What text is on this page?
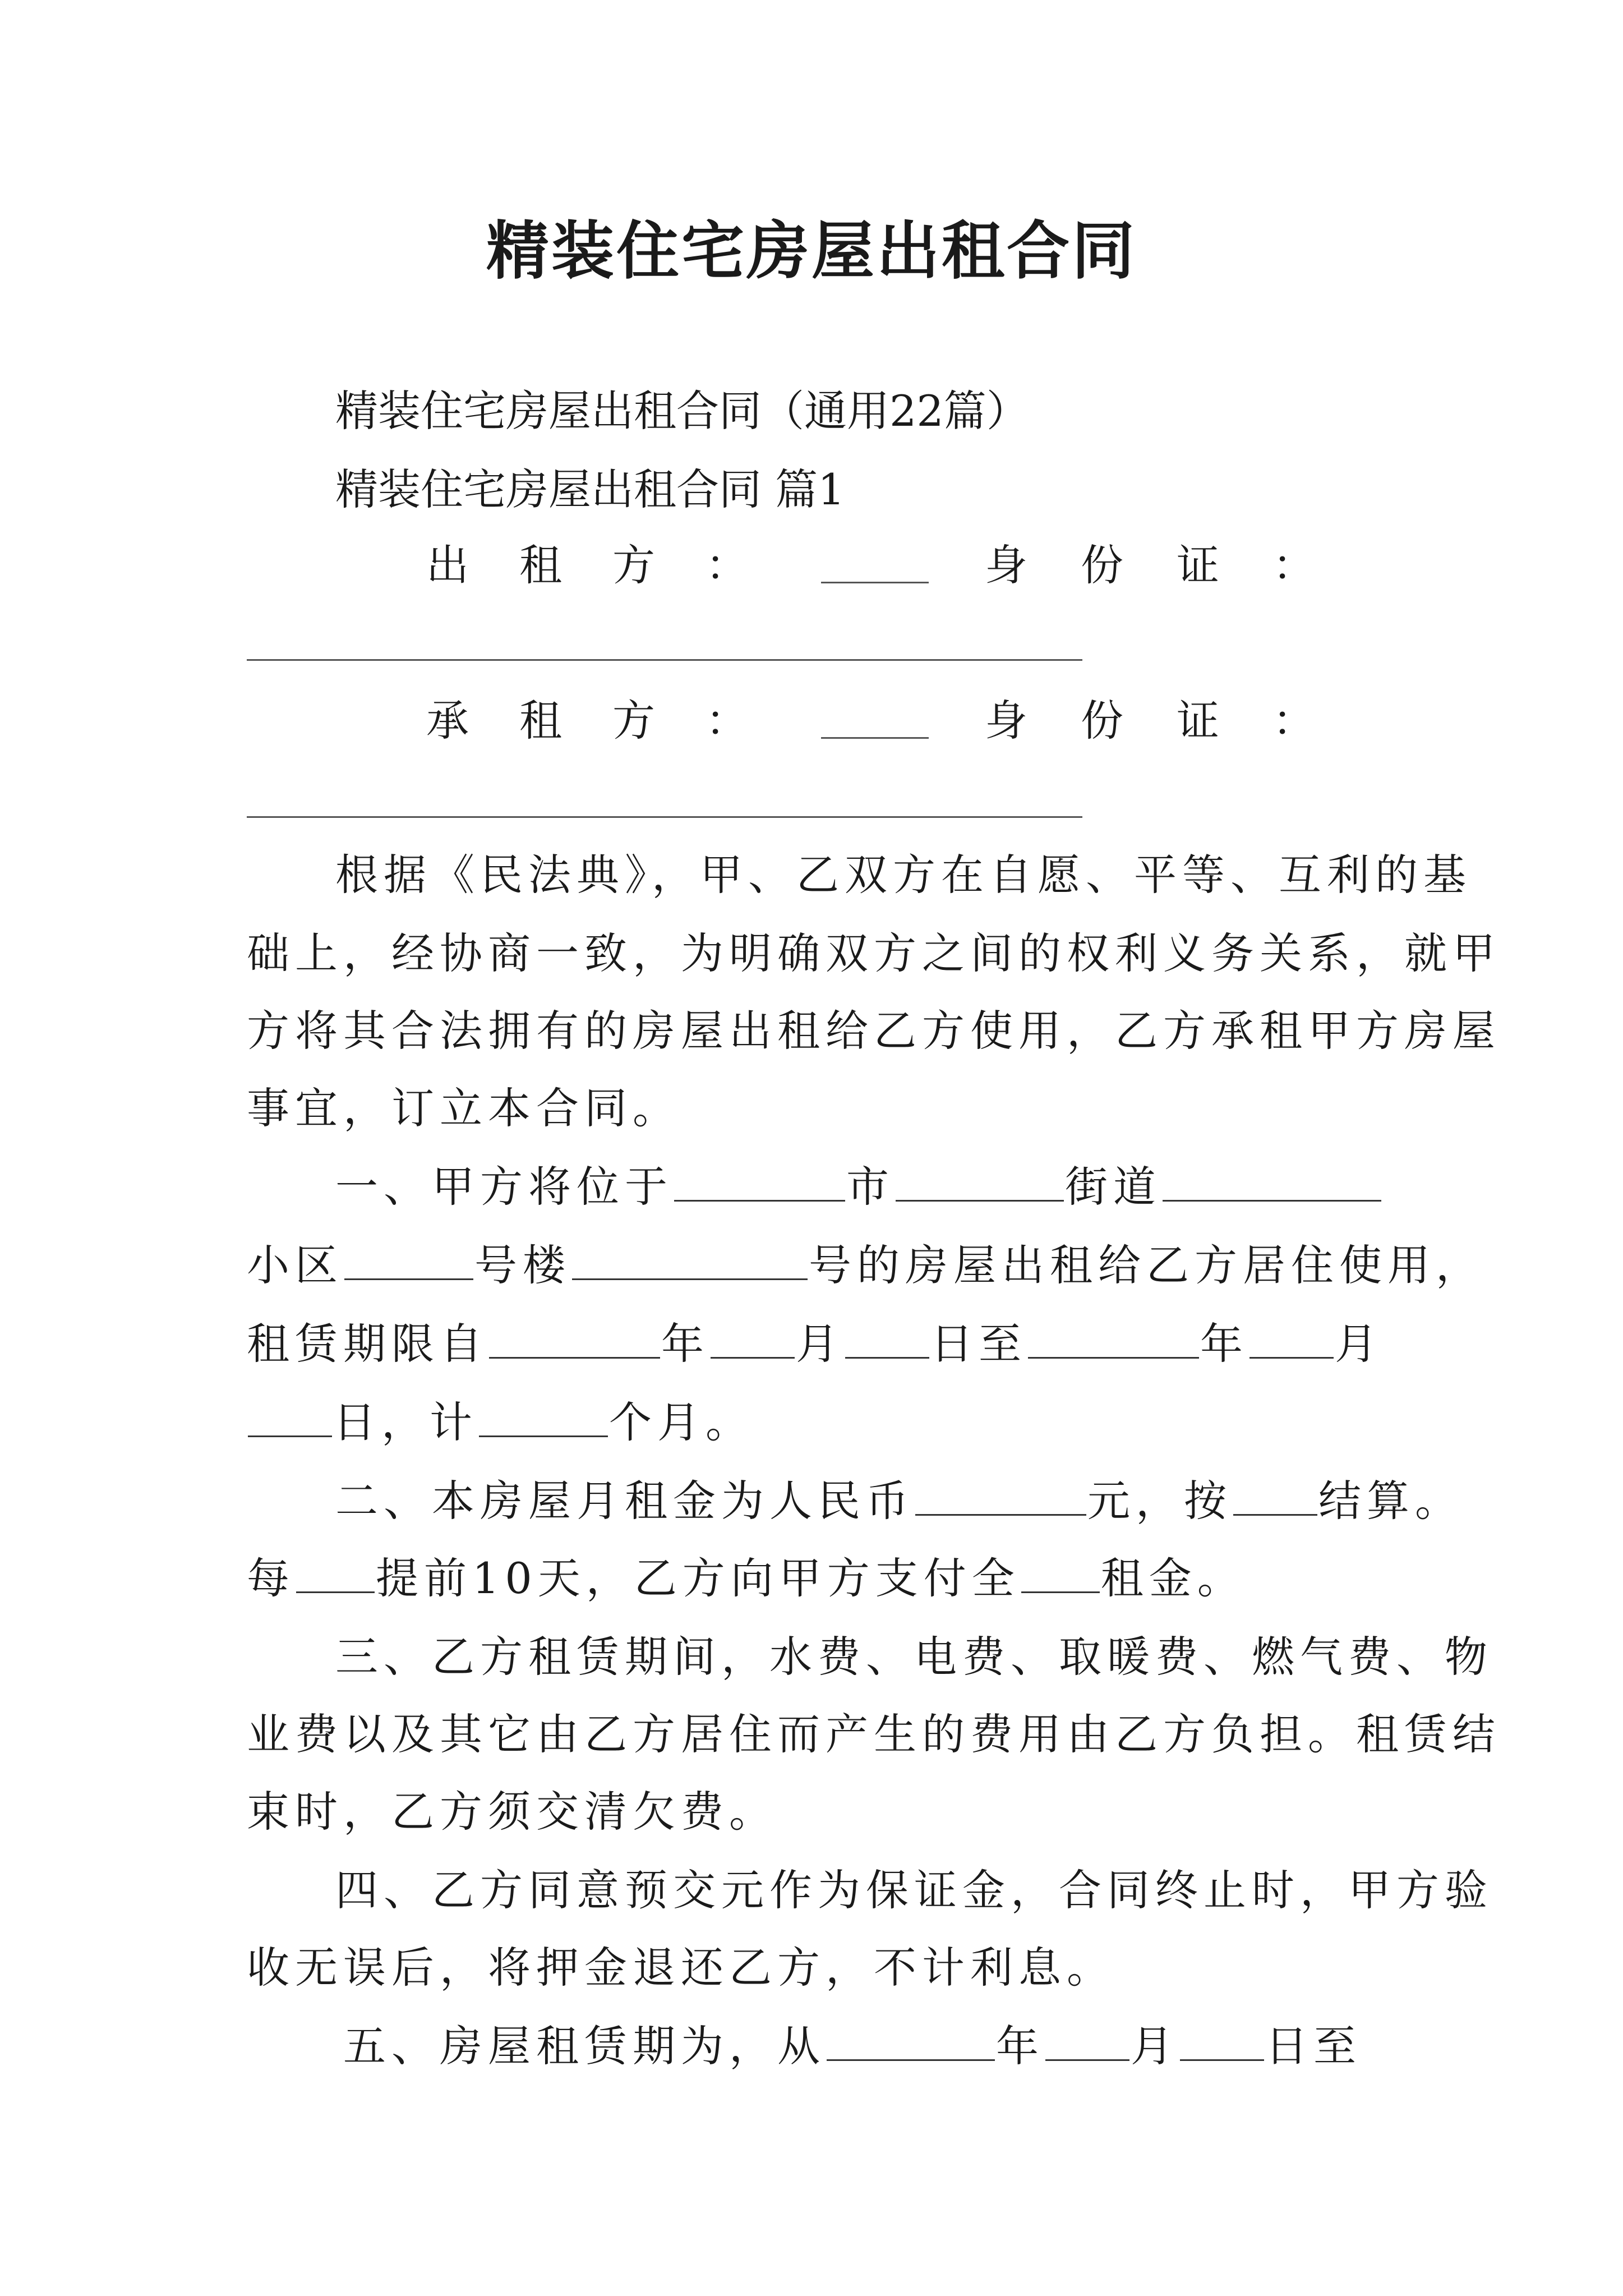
精装住宅房屋出租合同
精装住宅房屋出租合同（通用22篇）
精装住宅房屋出租合同 篇1
出租方：	身份证：
承租方：	身份证：
根据《民法典》，甲、乙双方在自愿、平等、互利的基
础上，经协商一致，为明确双方之间的权利义务关系，就甲
方将其合法拥有的房屋出租给乙方使用，乙方承租甲方房屋
事宜，订立本合同。
一、甲方将位于	市	街道
小区	号楼	号的房屋出租给乙方居住使用，
租赁期限自	年 月 日至	年 月
日，计	个月。
二、本房屋月租金为人民币	元，按 结算。
每 提前10天，乙方向甲方支付全 租金。
三、乙方租赁期间，水费、电费、取暖费、燃气费、物
业费以及其它由乙方居住而产生的费用由乙方负担。租赁结
束时，乙方须交清欠费。
四、乙方同意预交元作为保证金，合同终止时，甲方验
收无误后，将押金退还乙方，不计利息。
五、房屋租赁期为，从	年 月 日至
